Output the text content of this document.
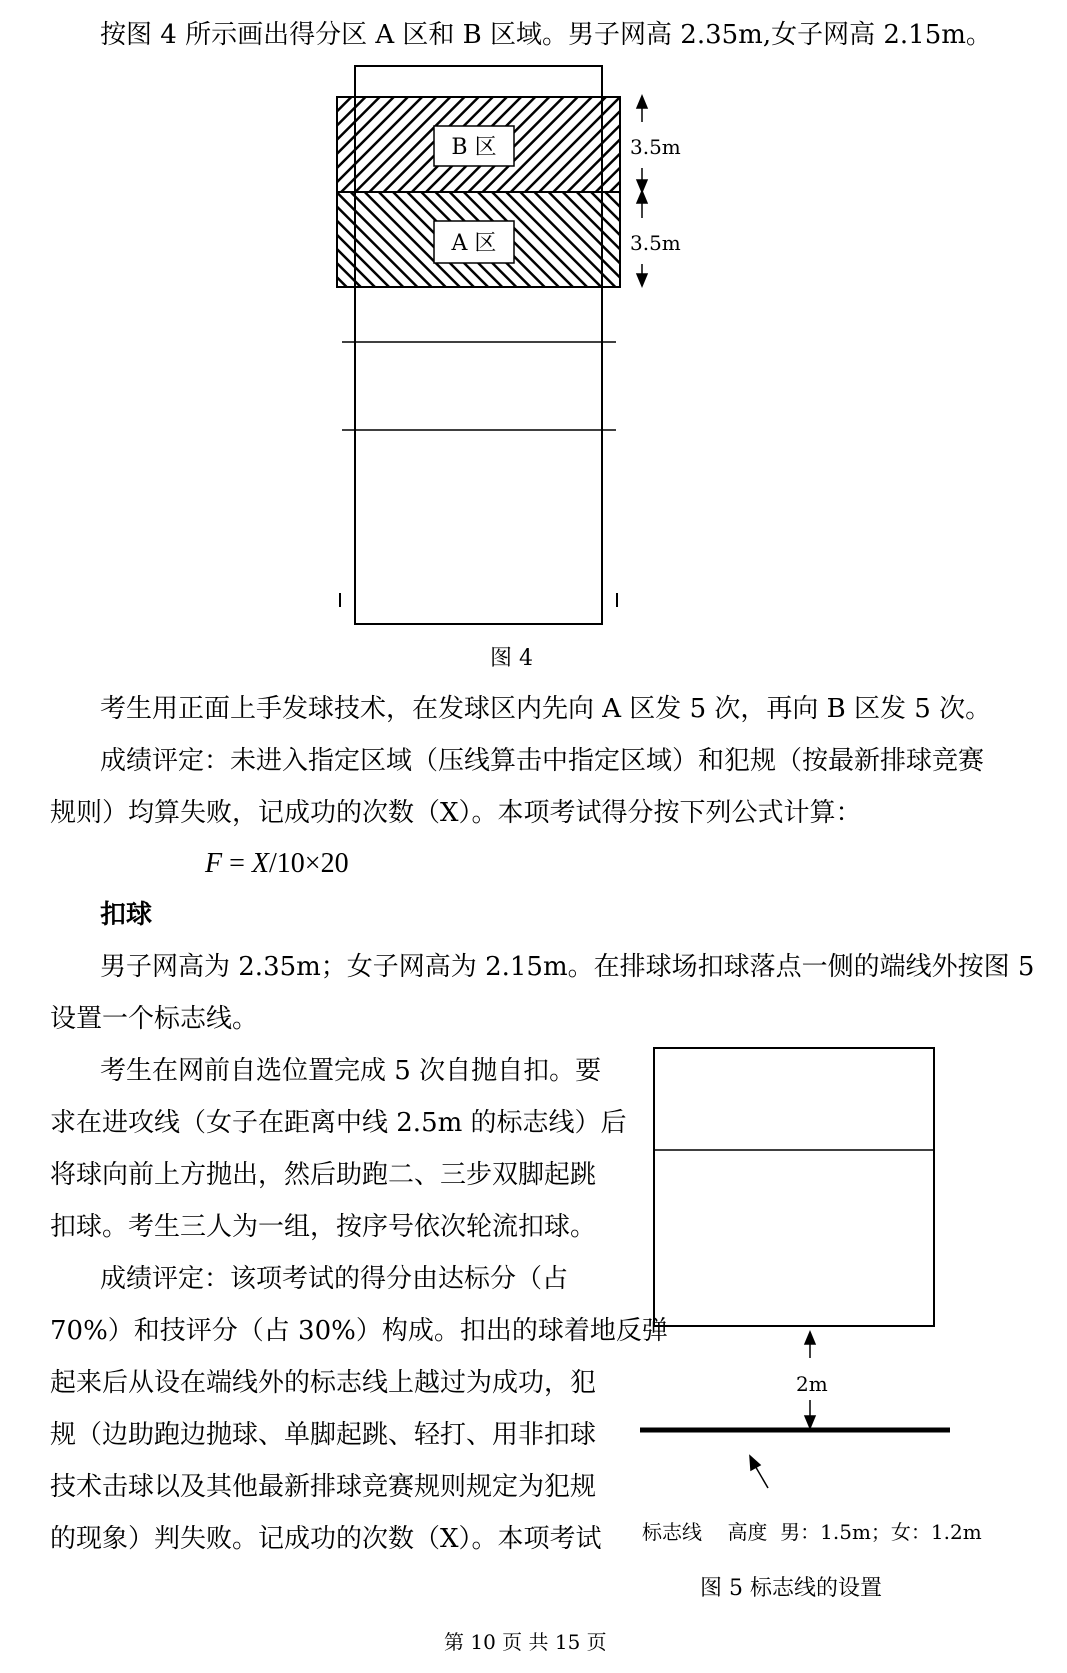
按图 4 所示画出得分区 A 区和 B 区域。男子网高 2.35m,女子网高 2.15m。

B 区
A 区
3.5m
3.5m

图 4

考生用正面上手发球技术，在发球区内先向 A 区发 5 次，再向 B 区发 5 次。

成绩评定：未进入指定区域（压线算击中指定区域）和犯规（按最新排球竞赛

规则）均算失败，记成功的次数（X）。本项考试得分按下列公式计算：

F = X/10×20

扣球

男子网高为 2.35m；女子网高为 2.15m。在排球场扣球落点一侧的端线外按图 5

设置一个标志线。

考生在网前自选位置完成 5 次自抛自扣。要

求在进攻线（女子在距离中线 2.5m 的标志线）后

将球向前上方抛出，然后助跑二、三步双脚起跳

扣球。考生三人为一组，按序号依次轮流扣球。

成绩评定：该项考试的得分由达标分（占

70%）和技评分（占 30%）构成。扣出的球着地反弹

起来后从设在端线外的标志线上越过为成功，犯

规（边助跑边抛球、单脚起跳、轻打、用非扣球

技术击球以及其他最新排球竞赛规则规定为犯规

的现象）判失败。记成功的次数（X）。本项考试

2m

标志线 高度 男：1.5m；女：1.2m

图 5 标志线的设置

第 10 页 共 15 页
